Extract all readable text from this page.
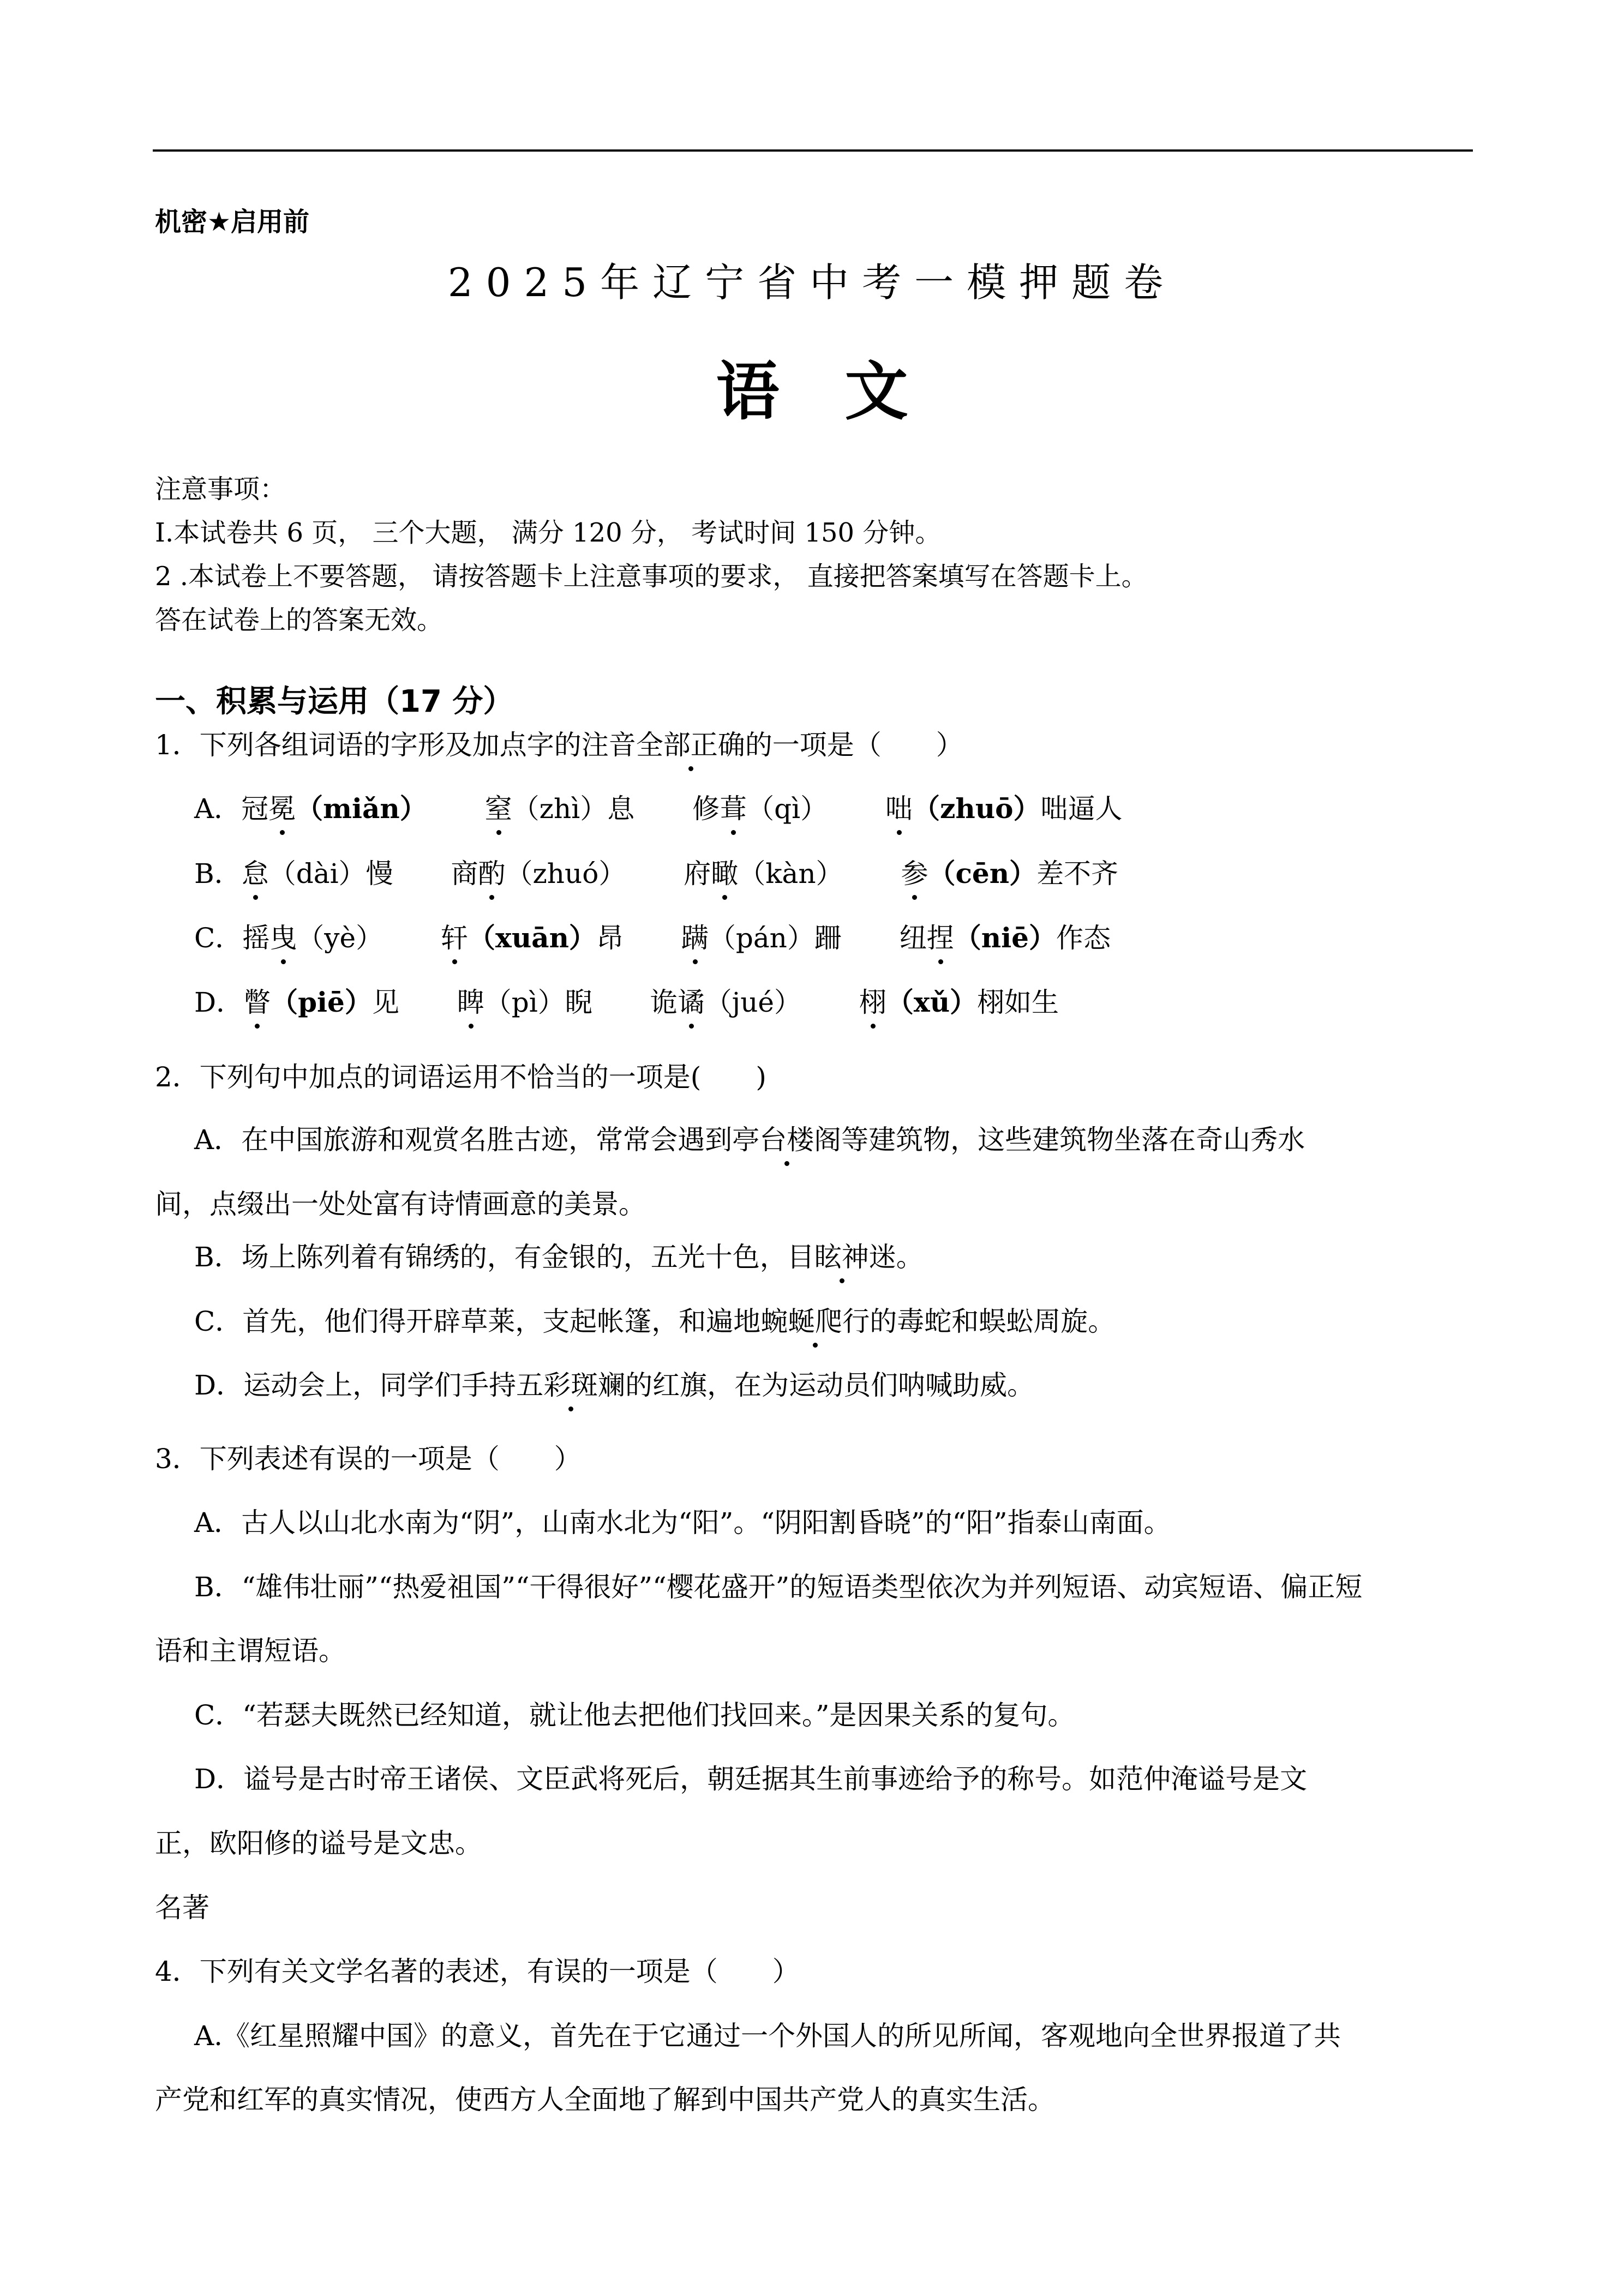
机密★启用前
2025年辽宁省中考一模押题卷
语文
注意事项：
I.本试卷共 6 页， 三个大题， 满分 120 分， 考试时间 150 分钟。
2 .本试卷上不要答题， 请按答题卡上注意事项的要求， 直接把答案填写在答题卡上。
答在试卷上的答案无效。
一、积累与运用（17 分）
1．下列各组词语的字形及加点字的注音全部正确的一项是（　　）
A．冠冕（miǎn） 窒（zhì）息 修葺（qì） 咄（zhuō）咄逼人
B．怠（dài）慢 商酌（zhuó） 府瞰（kàn） 参（cēn）差不齐
C．摇曳（yè） 轩（xuān）昂 蹒（pán）跚 纽捏（niē）作态
D．瞥（piē）见 睥（pì）睨 诡谲（jué） 栩（xǔ）栩如生
2．下列句中加点的词语运用不恰当的一项是(　　)
A．在中国旅游和观赏名胜古迹，常常会遇到亭台楼阁等建筑物，这些建筑物坐落在奇山秀水
间，点缀出一处处富有诗情画意的美景。
B．场上陈列着有锦绣的，有金银的，五光十色，目眩神迷。
C．首先，他们得开辟草莱，支起帐篷，和遍地蜿蜒爬行的毒蛇和蜈蚣周旋。
D．运动会上，同学们手持五彩斑斓的红旗，在为运动员们呐喊助威。
3．下列表述有误的一项是（　　）
A．古人以山北水南为“阴”，山南水北为“阳”。“阴阳割昏晓”的“阳”指泰山南面。
B．“雄伟壮丽”“热爱祖国”“干得很好”“樱花盛开”的短语类型依次为并列短语、动宾短语、偏正短
语和主谓短语。
C．“若瑟夫既然已经知道，就让他去把他们找回来。”是因果关系的复句。
D．谥号是古时帝王诸侯、文臣武将死后，朝廷据其生前事迹给予的称号。如范仲淹谥号是文
正，欧阳修的谥号是文忠。
名著
4．下列有关文学名著的表述，有误的一项是（　　）
A.《红星照耀中国》的意义，首先在于它通过一个外国人的所见所闻，客观地向全世界报道了共
产党和红军的真实情况，使西方人全面地了解到中国共产党人的真实生活。
